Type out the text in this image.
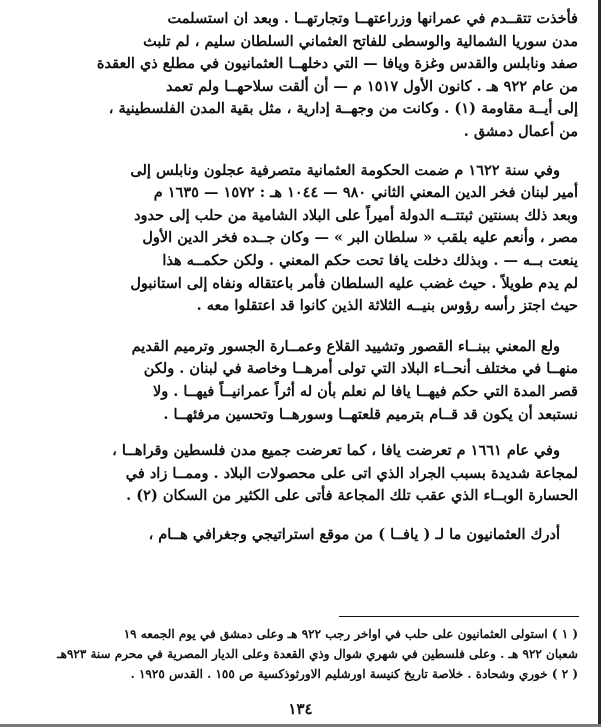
فأخذت تتقــدم في عمرانها وزراعتهــا وتجارتهــا . وبعد ان استسلمت
مدن سوريا الشمالية والوسطى للفاتح العثماني السلطان سليم ، لم تلبث
صفد ونابلس والقدس وغزة ويافا — التي دخلهــا العثمانيون في مطلع ذي العقدة
من عام ٩٢٢ هـ . كانون الأول ١٥١٧ م — أن ألقت سلاحهــا ولم تعمد
إلى أيــة مقاومة (١) . وكانت من وجهــة إدارية ، مثل بقية المدن الفلسطينية ،
من أعمال دمشق .

وفي سنة ١٦٢٢ م ضمت الحكومة العثمانية متصرفية عجلون ونابلس إلى
أمير لبنان فخر الدين المعني الثاني ٩٨٠ — ١٠٤٤ هـ : ١٥٧٢ — ١٦٣٥ م
وبعد ذلك بسنتين ثبتتــه الدولة أميراً على البلاد الشامية من حلب إلى حدود
مصر ، وأنعم عليه بلقب « سلطان البر » — وكان جــده فخر الدين الأول
ينعت بــه — . وبذلك دخلت يافا تحت حكم المعني . ولكن حكمــه هذا
لم يدم طويلاً . حيث غضب عليه السلطان فأمر باعتقاله ونفاه إلى استانبول
حيث اجتز رأسه رؤوس بنيــه الثلاثة الذين كانوا قد اعتقلوا معه .

ولع المعني ببنــاء القصور وتشييد القلاع وعمــارة الجسور وترميم القديم
منهــا في مختلف أنحــاء البلاد التي تولى أمرهــا وخاصة في لبنان . ولكن
قصر المدة التي حكم فيهــا يافا لم نعلم بأن له أثراً عمرانيــاً فيهــا . ولا
نستبعد أن يكون قد قــام بترميم قلعتهــا وسورهــا وتحسين مرفئهــا .

وفي عام ١٦٦١ م تعرضت يافا ، كما تعرضت جميع مدن فلسطين وقراهــا ،
لمجاعة شديدة بسبب الجراد الذي اتى على محصولات البلاد . وممــا زاد في
الحسارة الوبــاء الذي عقب تلك المجاعة فأتى على الكثير من السكان (٢) .

أدرك العثمانيون ما لـ ( يافــا ) من موقع استراتيجي وجغرافي هــام ،

( ١ ) استولى العثمانيون على حلب في اواخر رجب ٩٢٢ هـ وعلى دمشق في يوم الجمعه ١٩

شعبان ٩٢٢ هـ . وعلى فلسطين في شهري شوال وذي القعدة وعلى الديار المصرية في محرم سنة ٩٢٣هـ

( ٢ ) خوري وشحادة . خلاصة تاريخ كنيسة اورشليم الاورثوذكسية ص ١٥٥ . القدس ١٩٢٥ .

١٣٤
